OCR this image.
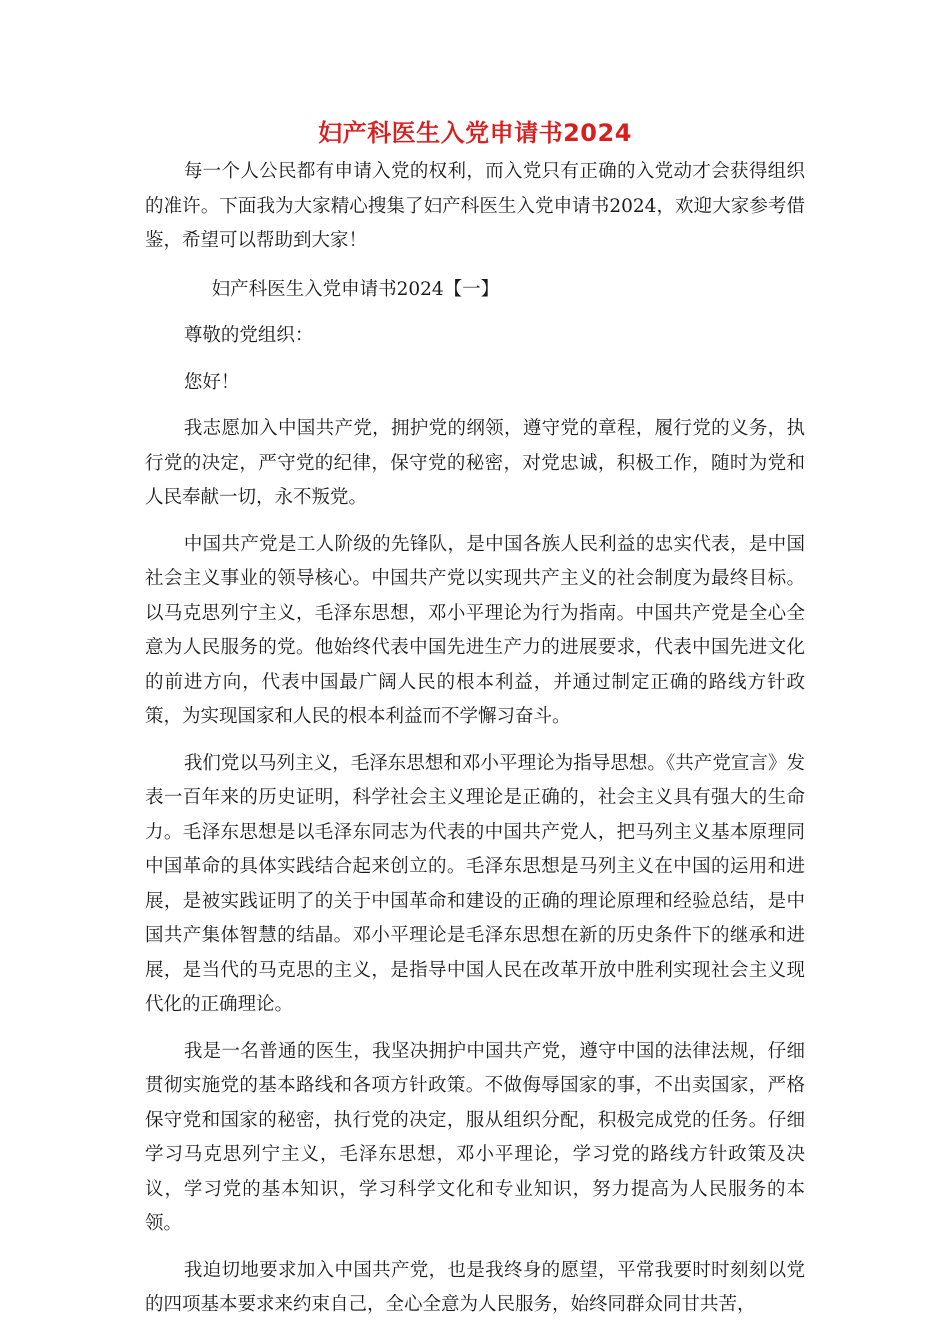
妇产科医生入党申请书2024

每一个人公民都有申请入党的权利，而入党只有正确的入党动才会获得组织的准许。下面我为大家精心搜集了妇产科医生入党申请书2024，欢迎大家参考借鉴，希望可以帮助到大家！

妇产科医生入党申请书2024【一】

尊敬的党组织：

您好！

我志愿加入中国共产党，拥护党的纲领，遵守党的章程，履行党的义务，执行党的决定，严守党的纪律，保守党的秘密，对党忠诚，积极工作，随时为党和人民奉献一切，永不叛党。

中国共产党是工人阶级的先锋队，是中国各族人民利益的忠实代表，是中国社会主义事业的领导核心。中国共产党以实现共产主义的社会制度为最终目标。以马克思列宁主义，毛泽东思想，邓小平理论为行为指南。中国共产党是全心全意为人民服务的党。他始终代表中国先进生产力的进展要求，代表中国先进文化的前进方向，代表中国最广阔人民的根本利益，并通过制定正确的路线方针政策，为实现国家和人民的根本利益而不学懈习奋斗。

我们党以马列主义，毛泽东思想和邓小平理论为指导思想。《共产党宣言》发表一百年来的历史证明，科学社会主义理论是正确的，社会主义具有强大的生命力。毛泽东思想是以毛泽东同志为代表的中国共产党人，把马列主义基本原理同中国革命的具体实践结合起来创立的。毛泽东思想是马列主义在中国的运用和进展，是被实践证明了的关于中国革命和建设的正确的理论原理和经验总结，是中国共产集体智慧的结晶。邓小平理论是毛泽东思想在新的历史条件下的继承和进展，是当代的马克思的主义，是指导中国人民在改革开放中胜利实现社会主义现代化的正确理论。

我是一名普通的医生，我坚决拥护中国共产党，遵守中国的法律法规，仔细贯彻实施党的基本路线和各项方针政策。不做侮辱国家的事，不出卖国家，严格保守党和国家的秘密，执行党的决定，服从组织分配，积极完成党的任务。仔细学习马克思列宁主义，毛泽东思想，邓小平理论，学习党的路线方针政策及决议，学习党的基本知识，学习科学文化和专业知识，努力提高为人民服务的本领。

我迫切地要求加入中国共产党，也是我终身的愿望，平常我要时时刻刻以党的四项基本要求来约束自己，全心全意为人民服务，始终同群众同甘共苦，
